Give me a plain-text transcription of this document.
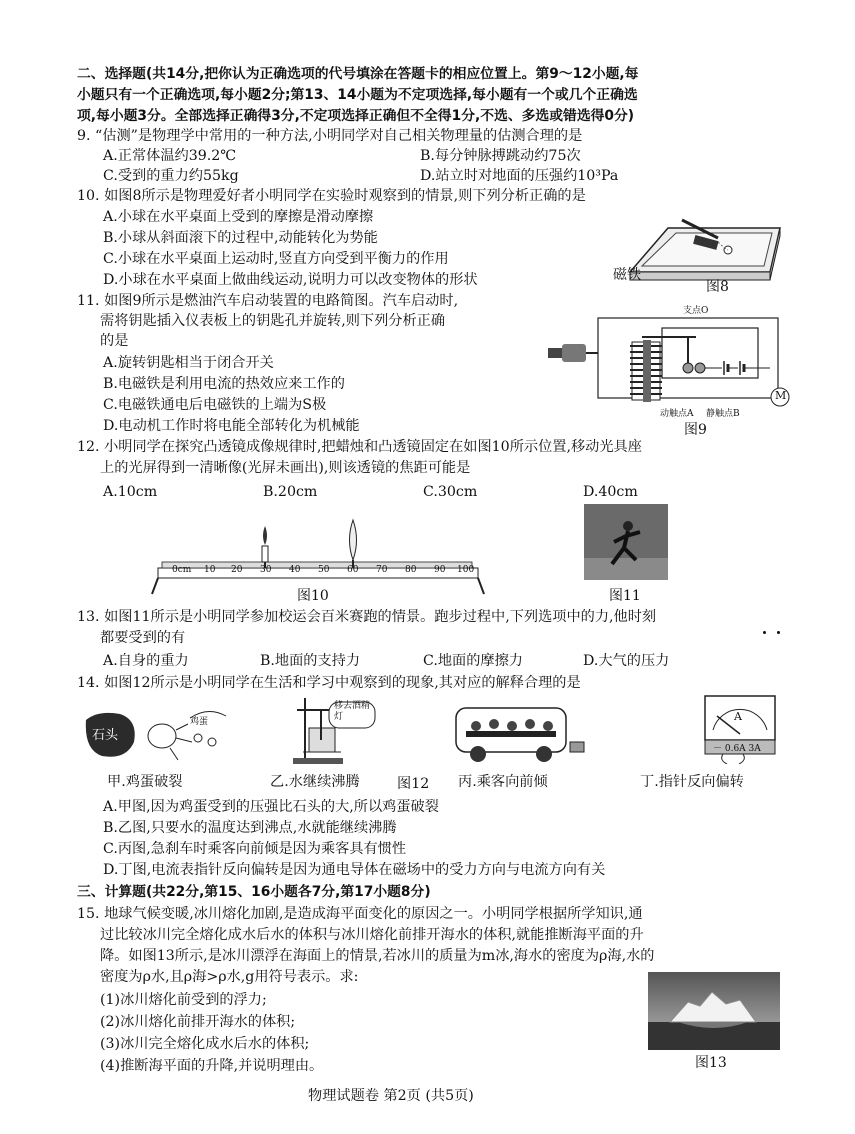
二、选择题(共14分,把你认为正确选项的代号填涂在答题卡的相应位置上。第9～12小题,每
小题只有一个正确选项,每小题2分;第13、14小题为不定项选择,每小题有一个或几个正确选
项,每小题3分。全部选择正确得3分,不定项选择正确但不全得1分,不选、多选或错选得0分)
9. “估测”是物理学中常用的一种方法,小明同学对自己相关物理量的估测合理的是
A.正常体温约39.2℃	B.每分钟脉搏跳动约75次
C.受到的重力约55kg	D.站立时对地面的压强约10³Pa
10. 如图8所示是物理爱好者小明同学在实验时观察到的情景,则下列分析正确的是
A.小球在水平桌面上受到的摩擦是滑动摩擦
B.小球从斜面滚下的过程中,动能转化为势能
C.小球在水平桌面上运动时,竖直方向受到平衡力的作用
D.小球在水平桌面上做曲线运动,说明力可以改变物体的形状	磁铁
图8
11. 如图9所示是燃油汽车启动装置的电路简图。汽车启动时,
需将钥匙插入仪表板上的钥匙孔并旋转,则下列分析正确
的是
A.旋转钥匙相当于闭合开关
B.电磁铁是利用电流的热效应来工作的
C.电磁铁通电后电磁铁的上端为S极
D.电动机工作时将电能全部转化为机械能
支点O
M
动触点A 静触点B
图9
12. 小明同学在探究凸透镜成像规律时,把蜡烛和凸透镜固定在如图10所示位置,移动光具座
上的光屏得到一清晰像(光屏未画出),则该透镜的焦距可能是
A.10cm	B.20cm	C.30cm	D.40cm
0cm 10 20 30 40 50 60 70 80 90 100
图10	图11
13. 如图11所示是小明同学参加校运会百米赛跑的情景。跑步过程中,下列选项中的力,他时刻
都要受到的有
A.自身的重力	B.地面的支持力	C.地面的摩擦力	D.大气的压力
14. 如图12所示是小明同学在生活和学习中观察到的现象,其对应的解释合理的是
石头
鸡蛋
移去酒精灯	A
－ 0.6A 3A
甲.鸡蛋破裂	乙.水继续沸腾	图12 丙.乘客向前倾	丁.指针反向偏转
A.甲图,因为鸡蛋受到的压强比石头的大,所以鸡蛋破裂
B.乙图,只要水的温度达到沸点,水就能继续沸腾
C.丙图,急刹车时乘客向前倾是因为乘客具有惯性
D.丁图,电流表指针反向偏转是因为通电导体在磁场中的受力方向与电流方向有关
三、计算题(共22分,第15、16小题各7分,第17小题8分)
15. 地球气候变暖,冰川熔化加剧,是造成海平面变化的原因之一。小明同学根据所学知识,通
过比较冰川完全熔化成水后水的体积与冰川熔化前排开海水的体积,就能推断海平面的升
降。如图13所示,是冰川漂浮在海面上的情景,若冰川的质量为m冰,海水的密度为ρ海,水的
密度为ρ水,且ρ海>ρ水,g用符号表示。求:
(1)冰川熔化前受到的浮力;
(2)冰川熔化前排开海水的体积;
(3)冰川完全熔化成水后水的体积;
(4)推断海平面的升降,并说明理由。	图13
物理试题卷 第2页 (共5页)
